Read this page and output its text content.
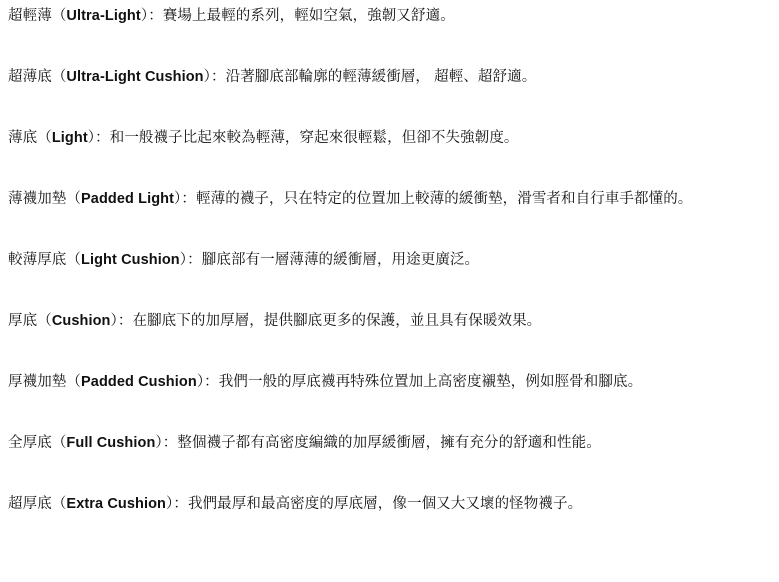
超輕薄（Ultra-Light）：賽場上最輕的系列，輕如空氣，強韌又舒適。

超薄底（Ultra-Light Cushion）：沿著腳底部輪廓的輕薄緩衝層， 超輕、超舒適。

薄底（Light）：和一般襪子比起來較為輕薄，穿起來很輕鬆，但卻不失強韌度。

薄襪加墊（Padded Light）：輕薄的襪子，只在特定的位置加上較薄的緩衝墊，滑雪者和自行車手都懂的。

較薄厚底（Light Cushion）：腳底部有一層薄薄的緩衝層，用途更廣泛。

厚底（Cushion）：在腳底下的加厚層，提供腳底更多的保護，並且具有保暖效果。

厚襪加墊（Padded Cushion）：我們一般的厚底襪再特殊位置加上高密度襯墊，例如脛骨和腳底。

全厚底（Full Cushion）：整個襪子都有高密度編織的加厚緩衝層，擁有充分的舒適和性能。

超厚底（Extra Cushion）：我們最厚和最高密度的厚底層，像一個又大又壞的怪物襪子。
